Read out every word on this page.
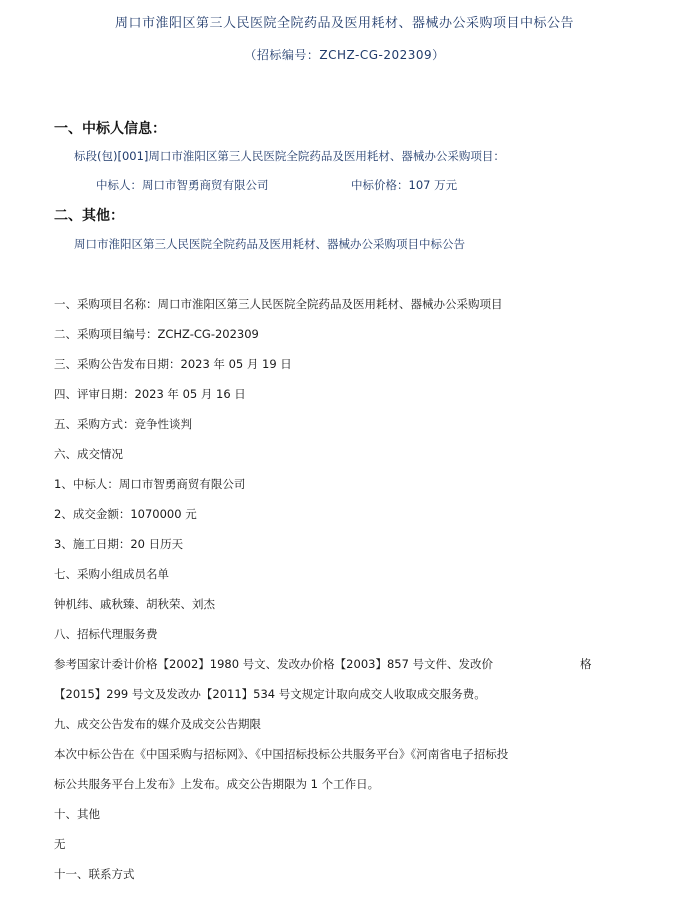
周口市淮阳区第三人民医院全院药品及医用耗材、器械办公采购项目中标公告
（招标编号：ZCHZ-CG-202309）
一、中标人信息：
标段(包)[001]周口市淮阳区第三人民医院全院药品及医用耗材、器械办公采购项目：
中标人：周口市智勇商贸有限公司	中标价格：107 万元
二、其他：
周口市淮阳区第三人民医院全院药品及医用耗材、器械办公采购项目中标公告
一、采购项目名称：周口市淮阳区第三人民医院全院药品及医用耗材、器械办公采购项目
二、采购项目编号：ZCHZ-CG-202309
三、采购公告发布日期：2023 年 05 月 19 日
四、评审日期：2023 年 05 月 16 日
五、采购方式：竞争性谈判
六、成交情况
1、中标人：周口市智勇商贸有限公司
2、成交金额：1070000 元
3、施工日期：20 日历天
七、采购小组成员名单
钟机纬、戚秋臻、胡秋荣、刘杰
八、招标代理服务费
参考国家计委计价格【2002】1980 号文、发改办价格【2003】857 号文件、发改价	格
【2015】299 号文及发改办【2011】534 号文规定计取向成交人收取成交服务费。
九、成交公告发布的媒介及成交公告期限
本次中标公告在《中国采购与招标网》、《中国招标投标公共服务平台》《河南省电子招标投
标公共服务平台上发布》上发布。成交公告期限为 1 个工作日。
十、其他
无
十一、联系方式
